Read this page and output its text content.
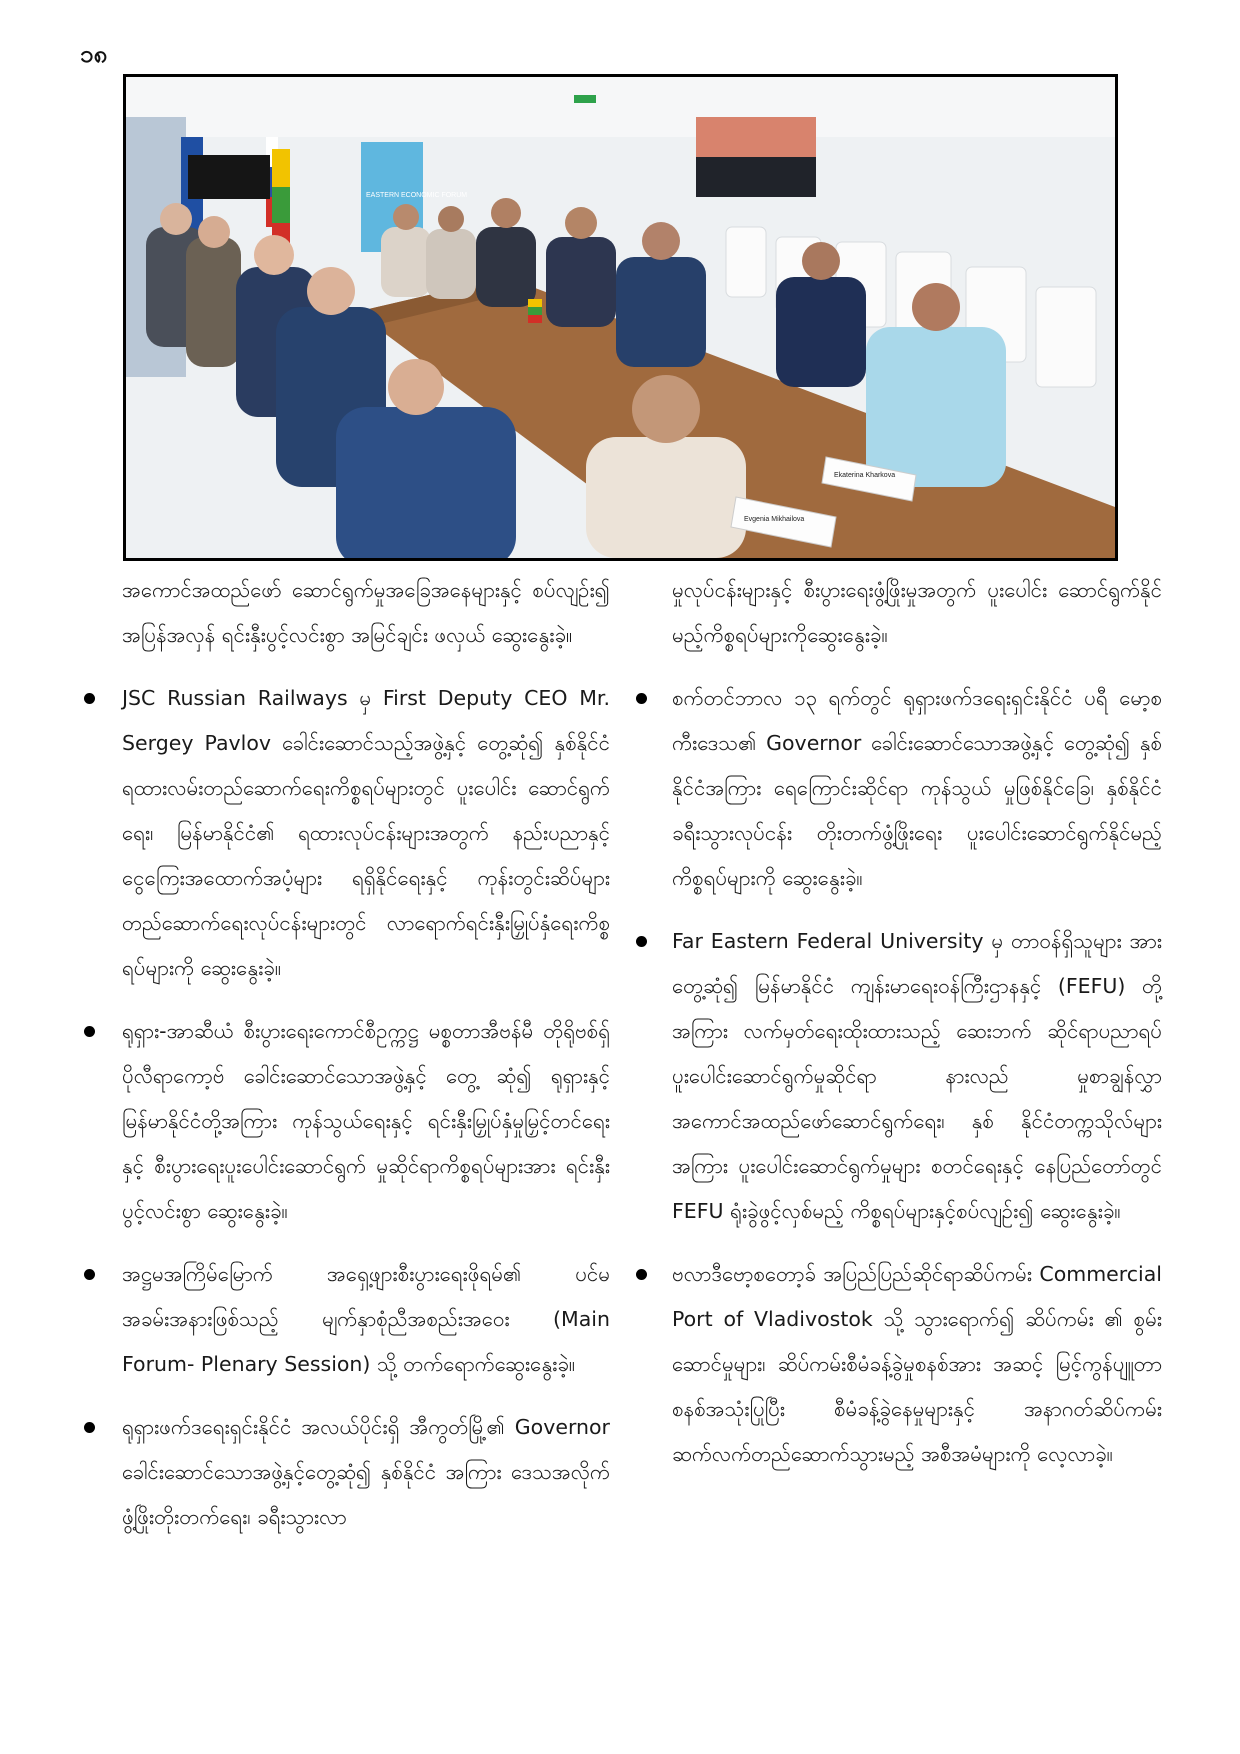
၁၈
EASTERN ECONOMIC FORUM
Ekaterina Kharkova
Evgenia Mikhailova

အကောင်အထည်ဖော် ဆောင်ရွက်မှုအခြေအနေများနှင့် စပ်လျဉ်း၍ အပြန်အလှန် ရင်းနှီးပွင့်လင်းစွာ အမြင်ချင်း ဖလှယ် ဆွေးနွေးခဲ့။

JSC Russian Railways မှ First Deputy CEO Mr. Sergey Pavlov ခေါင်းဆောင်သည့်အဖွဲ့နှင့် တွေ့ဆုံ၍ နှစ်နိုင်ငံ ရထားလမ်းတည်ဆောက်ရေးကိစ္စရပ်များတွင် ပူးပေါင်း ဆောင်ရွက်ရေး၊ မြန်မာနိုင်ငံ၏ ရထားလုပ်ငန်းများအတွက် နည်းပညာနှင့် ငွေကြေးအထောက်အပံ့များ ရရှိနိုင်ရေးနှင့် ကုန်းတွင်းဆိပ်များ တည်ဆောက်ရေးလုပ်ငန်းများတွင် လာရောက်ရင်းနှီးမြှုပ်နှံရေးကိစ္စရပ်များကို ဆွေးနွေးခဲ့။

ရုရှား-အာဆီယံ စီးပွားရေးကောင်စီဥက္ကဋ္ဌ မစ္စတာအီဗန်မီ တိုရိုဗစ်ရှ်ပိုလီရာကော့ဗ် ခေါင်းဆောင်သောအဖွဲ့နှင့် တွေ့ ဆုံ၍ ရုရှားနှင့် မြန်မာနိုင်ငံတို့အကြား ကုန်သွယ်ရေးနှင့် ရင်းနှီးမြှုပ်နှံမှုမြှင့်တင်ရေးနှင့် စီးပွားရေးပူးပေါင်းဆောင်ရွက် မှုဆိုင်ရာကိစ္စရပ်များအား ရင်းနှီးပွင့်လင်းစွာ ဆွေးနွေးခဲ့။

အဋ္ဌမအကြိမ်မြောက် အရှေ့ဖျားစီးပွားရေးဖိုရမ်၏ ပင်မ အခမ်းအနားဖြစ်သည့် မျက်နှာစုံညီအစည်းအဝေး (Main Forum- Plenary Session) သို့ တက်ရောက်ဆွေးနွေးခဲ့။

ရုရှားဖက်ဒရေးရှင်းနိုင်ငံ အလယ်ပိုင်းရှိ အီကွတ်မြို့၏ Governor ခေါင်းဆောင်သောအဖွဲ့နှင့်တွေ့ဆုံ၍ နှစ်နိုင်ငံ အကြား ဒေသအလိုက် ဖွံ့ဖြိုးတိုးတက်ရေး၊ ခရီးသွားလာ

မှုလုပ်ငန်းများနှင့် စီးပွားရေးဖွံ့ဖြိုးမှုအတွက် ပူးပေါင်း ဆောင်ရွက်နိုင်မည့်ကိစ္စရပ်များကိုဆွေးနွေးခဲ့။

စက်တင်ဘာလ ၁၃ ရက်တွင် ရုရှားဖက်ဒရေးရှင်းနိုင်ငံ ပရီ မော့စကီးဒေသ၏ Governor ခေါင်းဆောင်သောအဖွဲ့နှင့် တွေ့ဆုံ၍ နှစ်နိုင်ငံအကြား ရေကြောင်းဆိုင်ရာ ကုန်သွယ် မှုဖြစ်နိုင်ခြေ၊ နှစ်နိုင်ငံခရီးသွားလုပ်ငန်း တိုးတက်ဖွံ့ဖြိုးရေး ပူးပေါင်းဆောင်ရွက်နိုင်မည့် ကိစ္စရပ်များကို ဆွေးနွေးခဲ့။

Far Eastern Federal University မှ တာဝန်ရှိသူများ အား တွေ့ဆုံ၍ မြန်မာနိုင်ငံ ကျန်းမာရေးဝန်ကြီးဌာနနှင့် (FEFU) တို့အကြား လက်မှတ်ရေးထိုးထားသည့် ဆေးဘက် ဆိုင်ရာပညာရပ် ပူးပေါင်းဆောင်ရွက်မှုဆိုင်ရာ နားလည် မှုစာချွန်လွှာ အကောင်အထည်ဖော်ဆောင်ရွက်ရေး၊ နှစ် နိုင်ငံတက္ကသိုလ်များအကြား ပူးပေါင်းဆောင်ရွက်မှုများ စတင်ရေးနှင့် နေပြည်တော်တွင် FEFU ရုံးခွဲဖွင့်လှစ်မည့် ကိစ္စရပ်များနှင့်စပ်လျဉ်း၍ ဆွေးနွေးခဲ့။

ဗလာဒီဗော့စတော့ခ် အပြည်ပြည်ဆိုင်ရာဆိပ်ကမ်း Commercial Port of Vladivostok သို့ သွားရောက်၍ ဆိပ်ကမ်း ၏ စွမ်းဆောင်မှုများ၊ ဆိပ်ကမ်းစီမံခန့်ခွဲမှုစနစ်အား အဆင့် မြင့်ကွန်ပျူတာစနစ်အသုံးပြုပြီး စီမံခန့်ခွဲနေမှုများနှင့် အနာဂတ်ဆိပ်ကမ်း ဆက်လက်တည်ဆောက်သွားမည့် အစီအမံများကို လေ့လာခဲ့။
